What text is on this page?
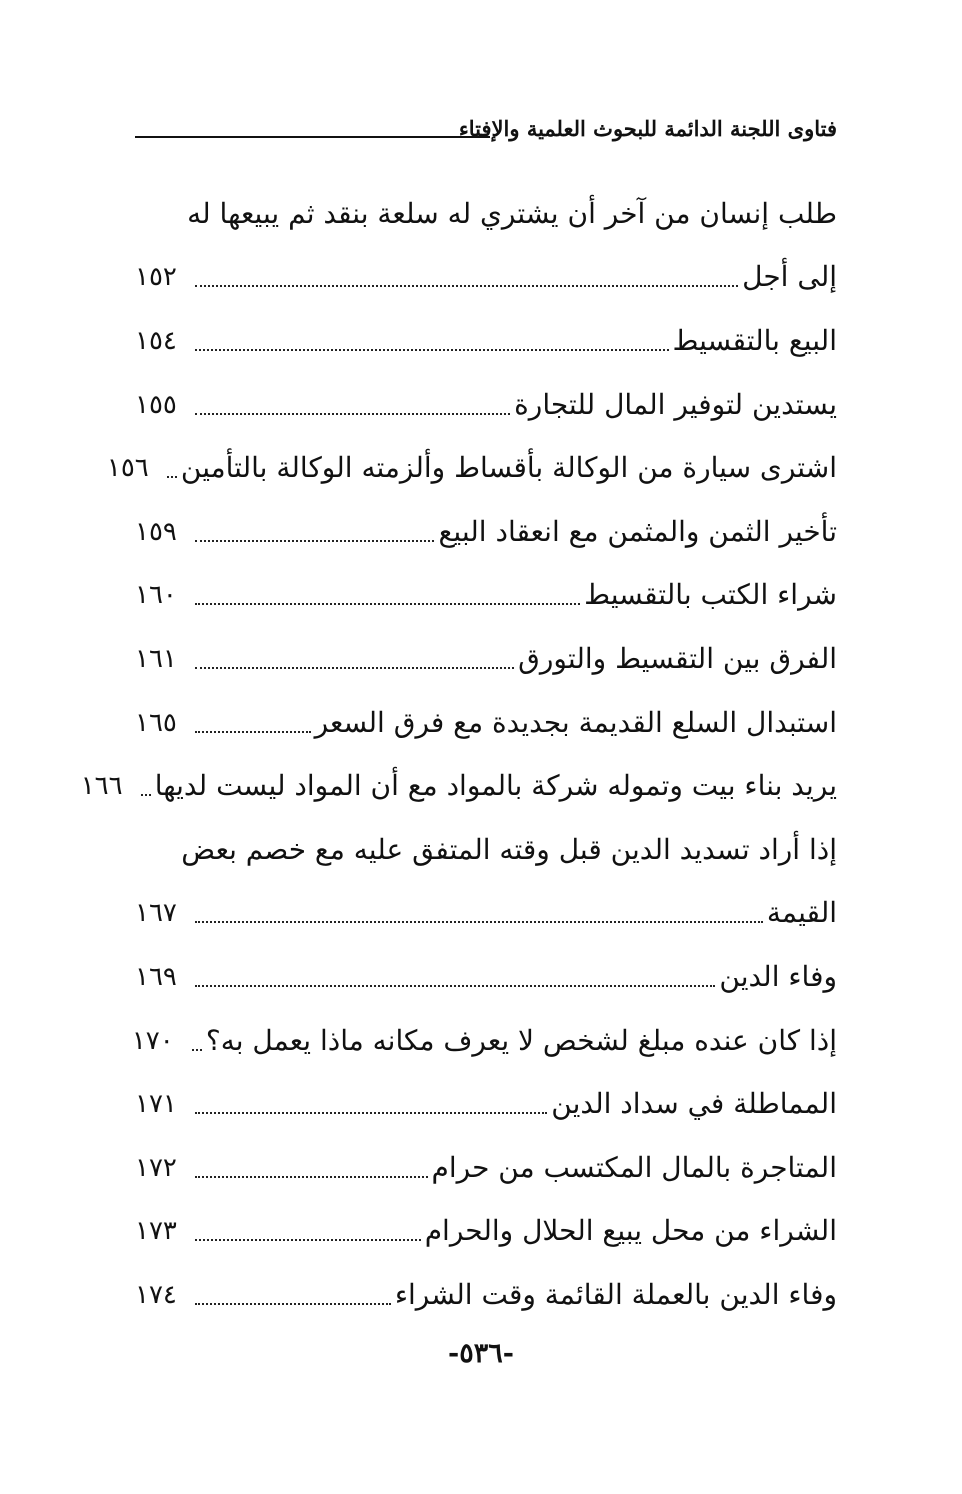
فتاوى اللجنة الدائمة للبحوث العلمية والإفتاء
طلب إنسان من آخر أن يشتري له سلعة بنقد ثم يبيعها له
إلى أجل
١٥٢
البيع بالتقسيط
١٥٤
يستدين لتوفير المال للتجارة
١٥٥
اشترى سيارة من الوكالة بأقساط وألزمته الوكالة بالتأمين
١٥٦
تأخير الثمن والمثمن مع انعقاد البيع
١٥٩
شراء الكتب بالتقسيط
١٦٠
الفرق بين التقسيط والتورق
١٦١
استبدال السلع القديمة بجديدة مع فرق السعر
١٦٥
يريد بناء بيت وتموله شركة بالمواد مع أن المواد ليست لديها
١٦٦
إذا أراد تسديد الدين قبل وقته المتفق عليه مع خصم بعض
القيمة
١٦٧
وفاء الدين
١٦٩
إذا كان عنده مبلغ لشخص لا يعرف مكانه ماذا يعمل به؟
١٧٠
المماطلة في سداد الدين
١٧١
المتاجرة بالمال المكتسب من حرام
١٧٢
الشراء من محل يبيع الحلال والحرام
١٧٣
وفاء الدين بالعملة القائمة وقت الشراء
١٧٤
-٥٣٦-
